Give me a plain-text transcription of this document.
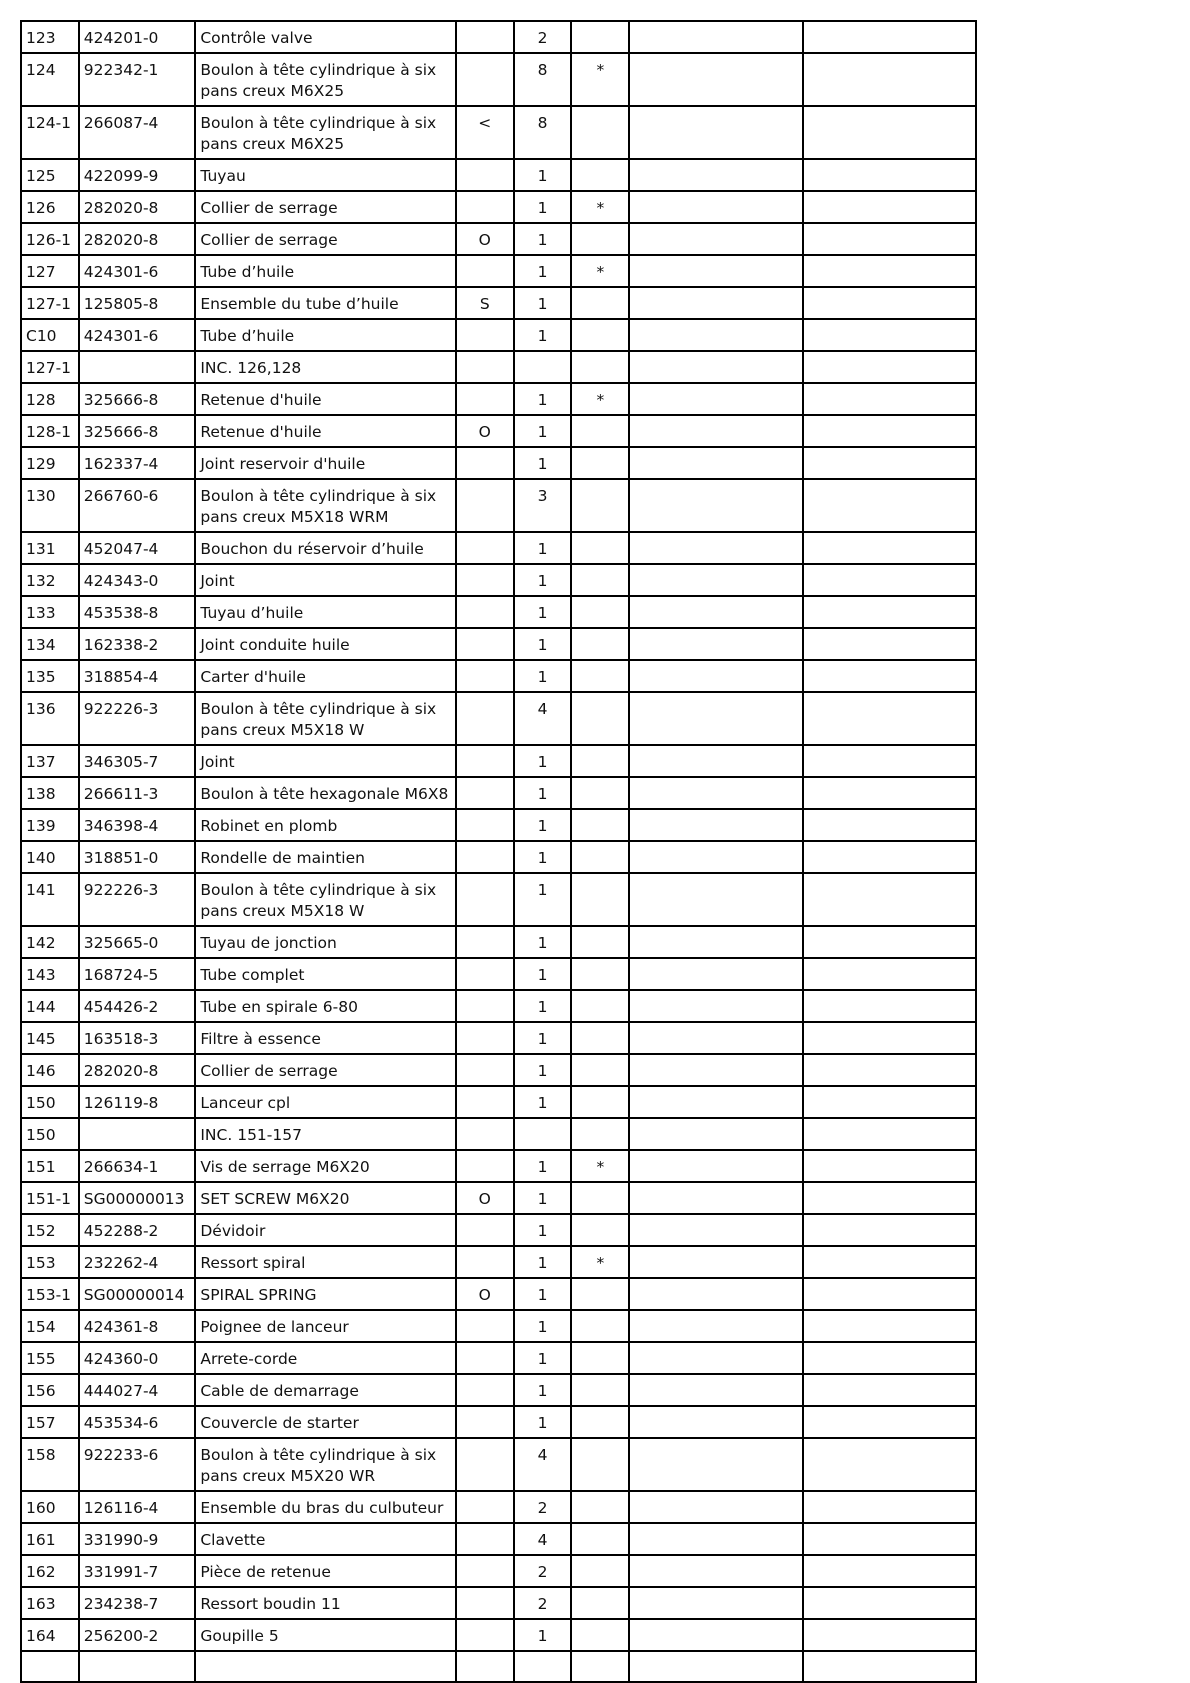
123	424201-0	Contrôle valve		2			
124	922342-1	Boulon à tête cylindrique à six pans creux M6X25		8	*		
124-1	266087-4	Boulon à tête cylindrique à six pans creux M6X25	<	8			
125	422099-9	Tuyau		1			
126	282020-8	Collier de serrage		1	*		
126-1	282020-8	Collier de serrage	O	1			
127	424301-6	Tube d’huile		1	*		
127-1	125805-8	Ensemble du tube d’huile	S	1			
C10	424301-6	Tube d’huile		1			
127-1		INC. 126,128					
128	325666-8	Retenue d'huile		1	*		
128-1	325666-8	Retenue d'huile	O	1			
129	162337-4	Joint reservoir d'huile		1			
130	266760-6	Boulon à tête cylindrique à six pans creux M5X18 WRM		3			
131	452047-4	Bouchon du réservoir d’huile		1			
132	424343-0	Joint		1			
133	453538-8	Tuyau d’huile		1			
134	162338-2	Joint conduite huile		1			
135	318854-4	Carter d'huile		1			
136	922226-3	Boulon à tête cylindrique à six pans creux M5X18 W		4			
137	346305-7	Joint		1			
138	266611-3	Boulon à tête hexagonale M6X8		1			
139	346398-4	Robinet en plomb		1			
140	318851-0	Rondelle de maintien		1			
141	922226-3	Boulon à tête cylindrique à six pans creux M5X18 W		1			
142	325665-0	Tuyau de jonction		1			
143	168724-5	Tube complet		1			
144	454426-2	Tube en spirale 6-80		1			
145	163518-3	Filtre à essence		1			
146	282020-8	Collier de serrage		1			
150	126119-8	Lanceur cpl		1			
150		INC. 151-157					
151	266634-1	Vis de serrage M6X20		1	*		
151-1	SG00000013	SET SCREW M6X20	O	1			
152	452288-2	Dévidoir		1			
153	232262-4	Ressort spiral		1	*		
153-1	SG00000014	SPIRAL SPRING	O	1			
154	424361-8	Poignee de lanceur		1			
155	424360-0	Arrete-corde		1			
156	444027-4	Cable de demarrage		1			
157	453534-6	Couvercle de starter		1			
158	922233-6	Boulon à tête cylindrique à six pans creux M5X20 WR		4			
160	126116-4	Ensemble du bras du culbuteur		2			
161	331990-9	Clavette		4			
162	331991-7	Pièce de retenue		2			
163	234238-7	Ressort boudin 11		2			
164	256200-2	Goupille 5		1			
